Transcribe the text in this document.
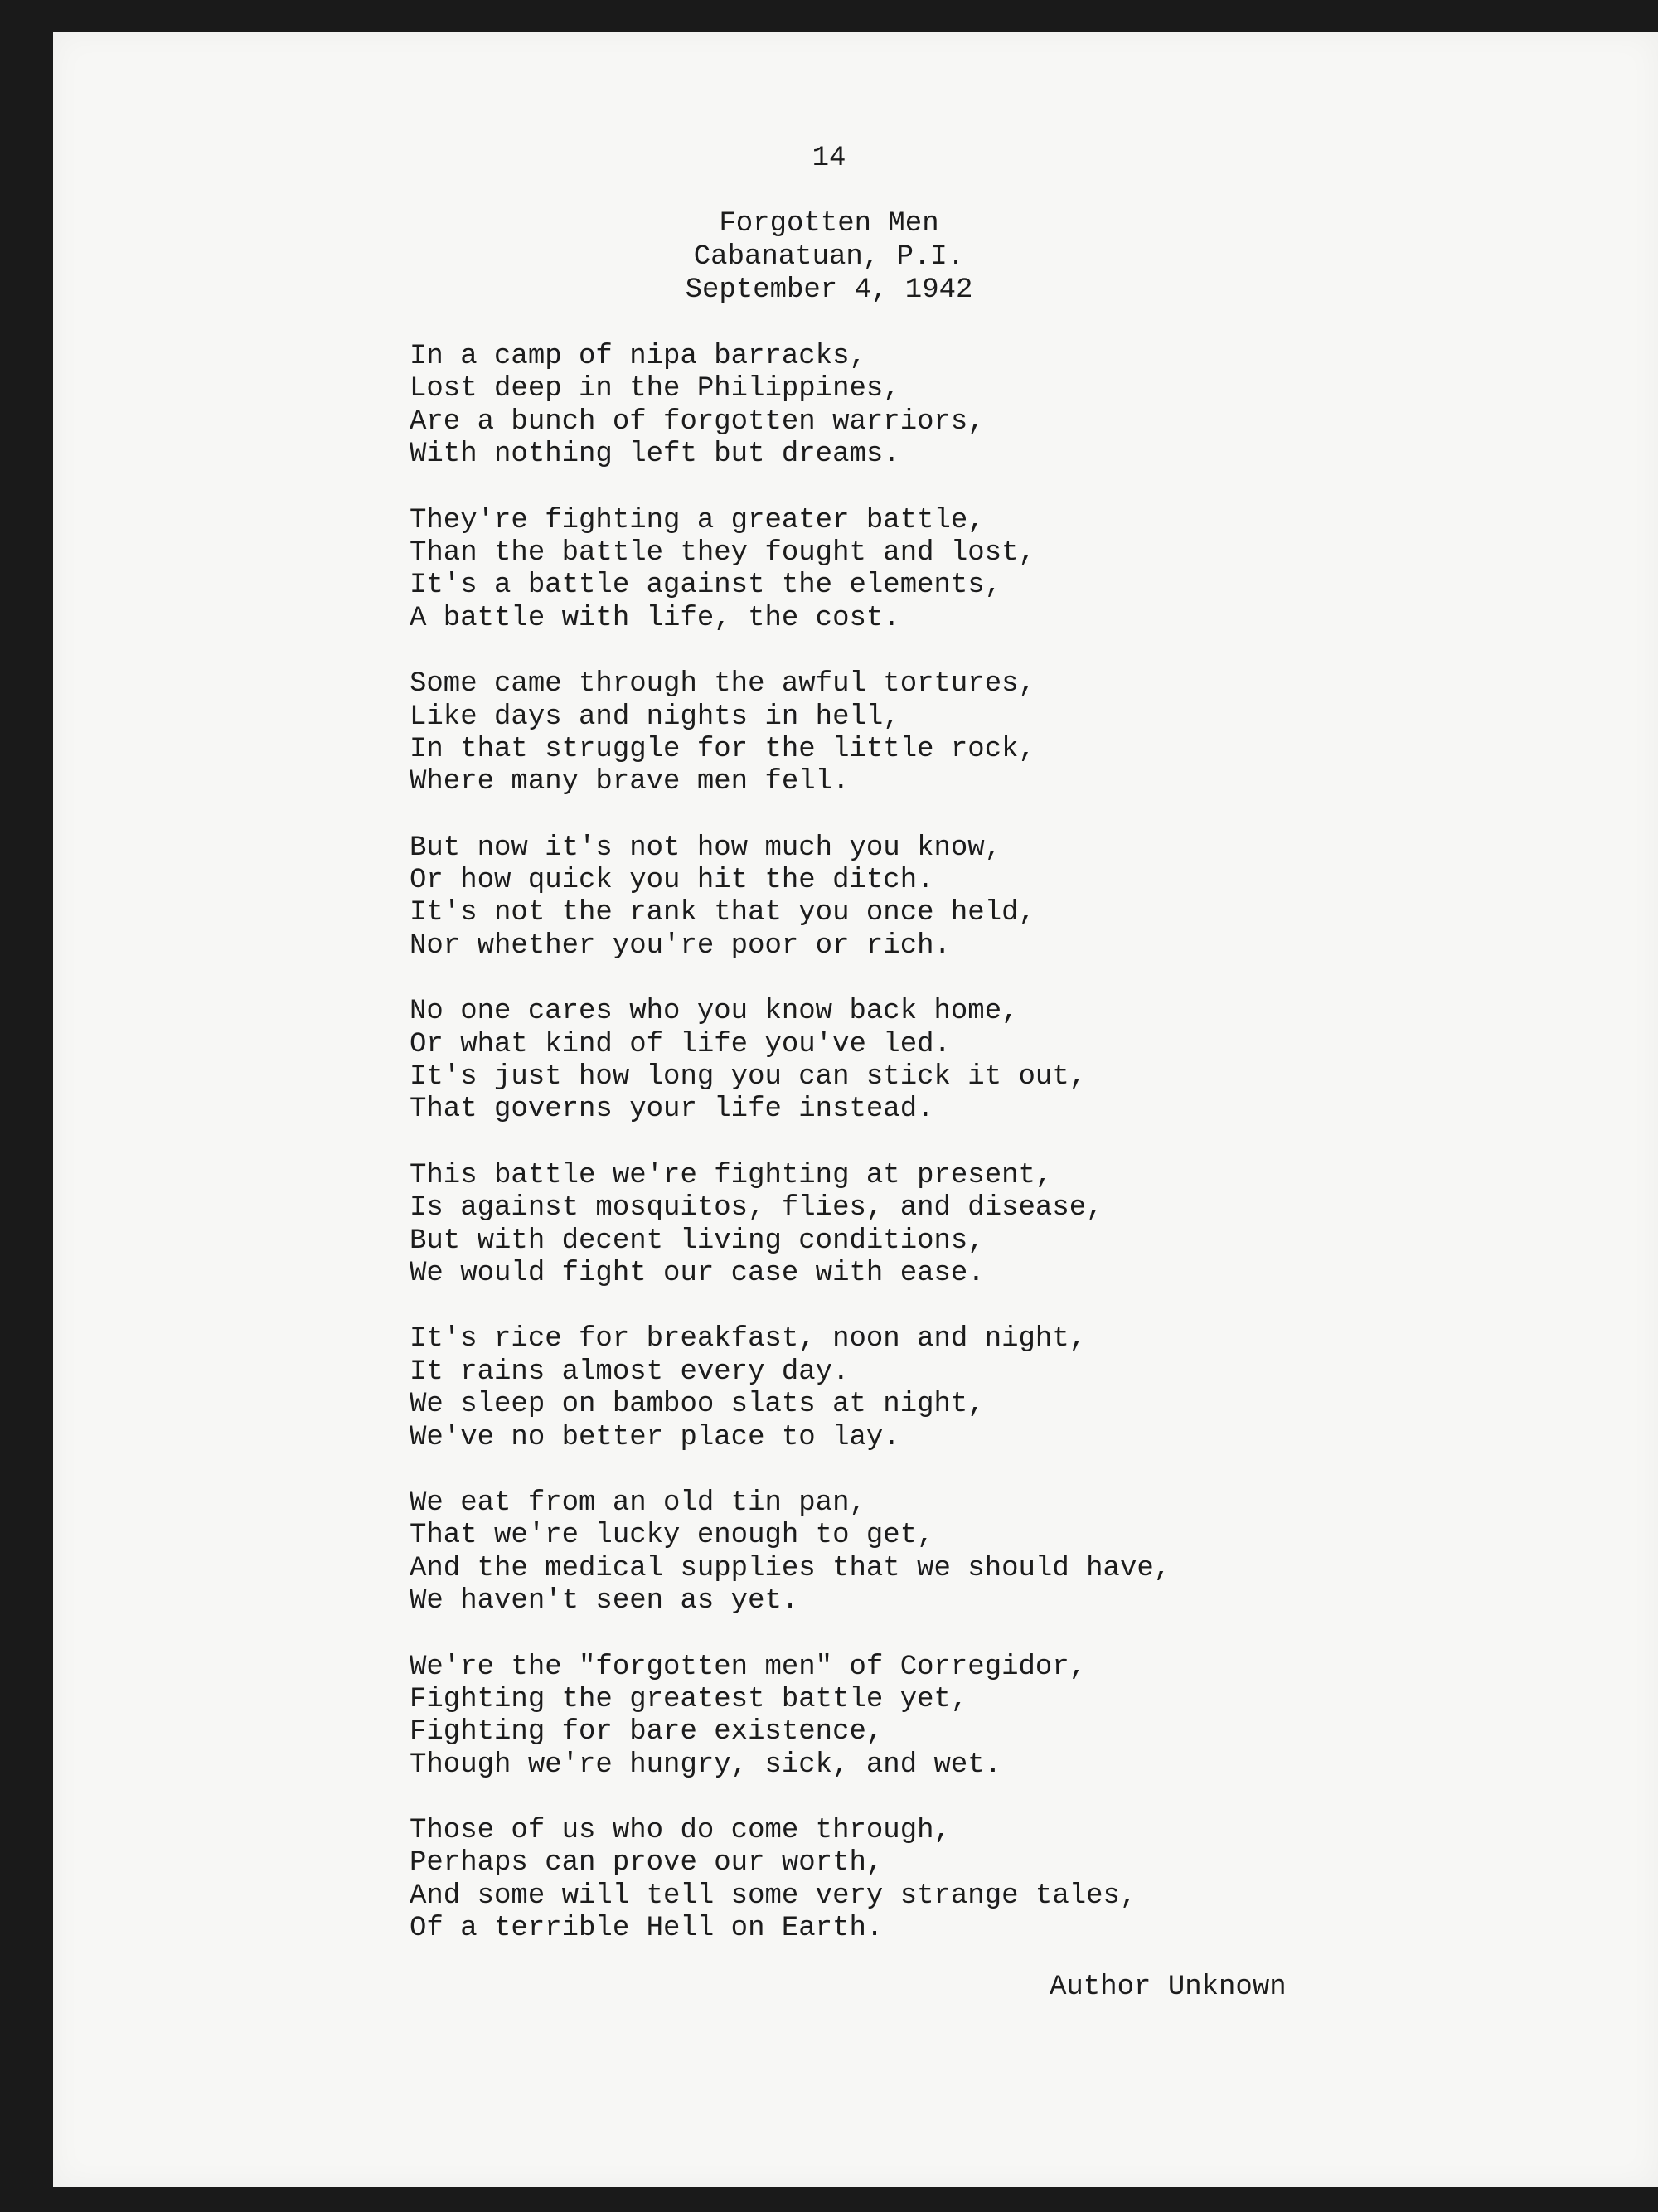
14
Forgotten Men
Cabanatuan, P.I.
September 4, 1942
In a camp of nipa barracks,
Lost deep in the Philippines,
Are a bunch of forgotten warriors,
With nothing left but dreams.
They're fighting a greater battle,
Than the battle they fought and lost,
It's a battle against the elements,
A battle with life, the cost.
Some came through the awful tortures,
Like days and nights in hell,
In that struggle for the little rock,
Where many brave men fell.
But now it's not how much you know,
Or how quick you hit the ditch.
It's not the rank that you once held,
Nor whether you're poor or rich.
No one cares who you know back home,
Or what kind of life you've led.
It's just how long you can stick it out,
That governs your life instead.
This battle we're fighting at present,
Is against mosquitos, flies, and disease,
But with decent living conditions,
We would fight our case with ease.
It's rice for breakfast, noon and night,
It rains almost every day.
We sleep on bamboo slats at night,
We've no better place to lay.
We eat from an old tin pan,
That we're lucky enough to get,
And the medical supplies that we should have,
We haven't seen as yet.
We're the "forgotten men" of Corregidor,
Fighting the greatest battle yet,
Fighting for bare existence,
Though we're hungry, sick, and wet.
Those of us who do come through,
Perhaps can prove our worth,
And some will tell some very strange tales,
Of a terrible Hell on Earth.
Author Unknown
